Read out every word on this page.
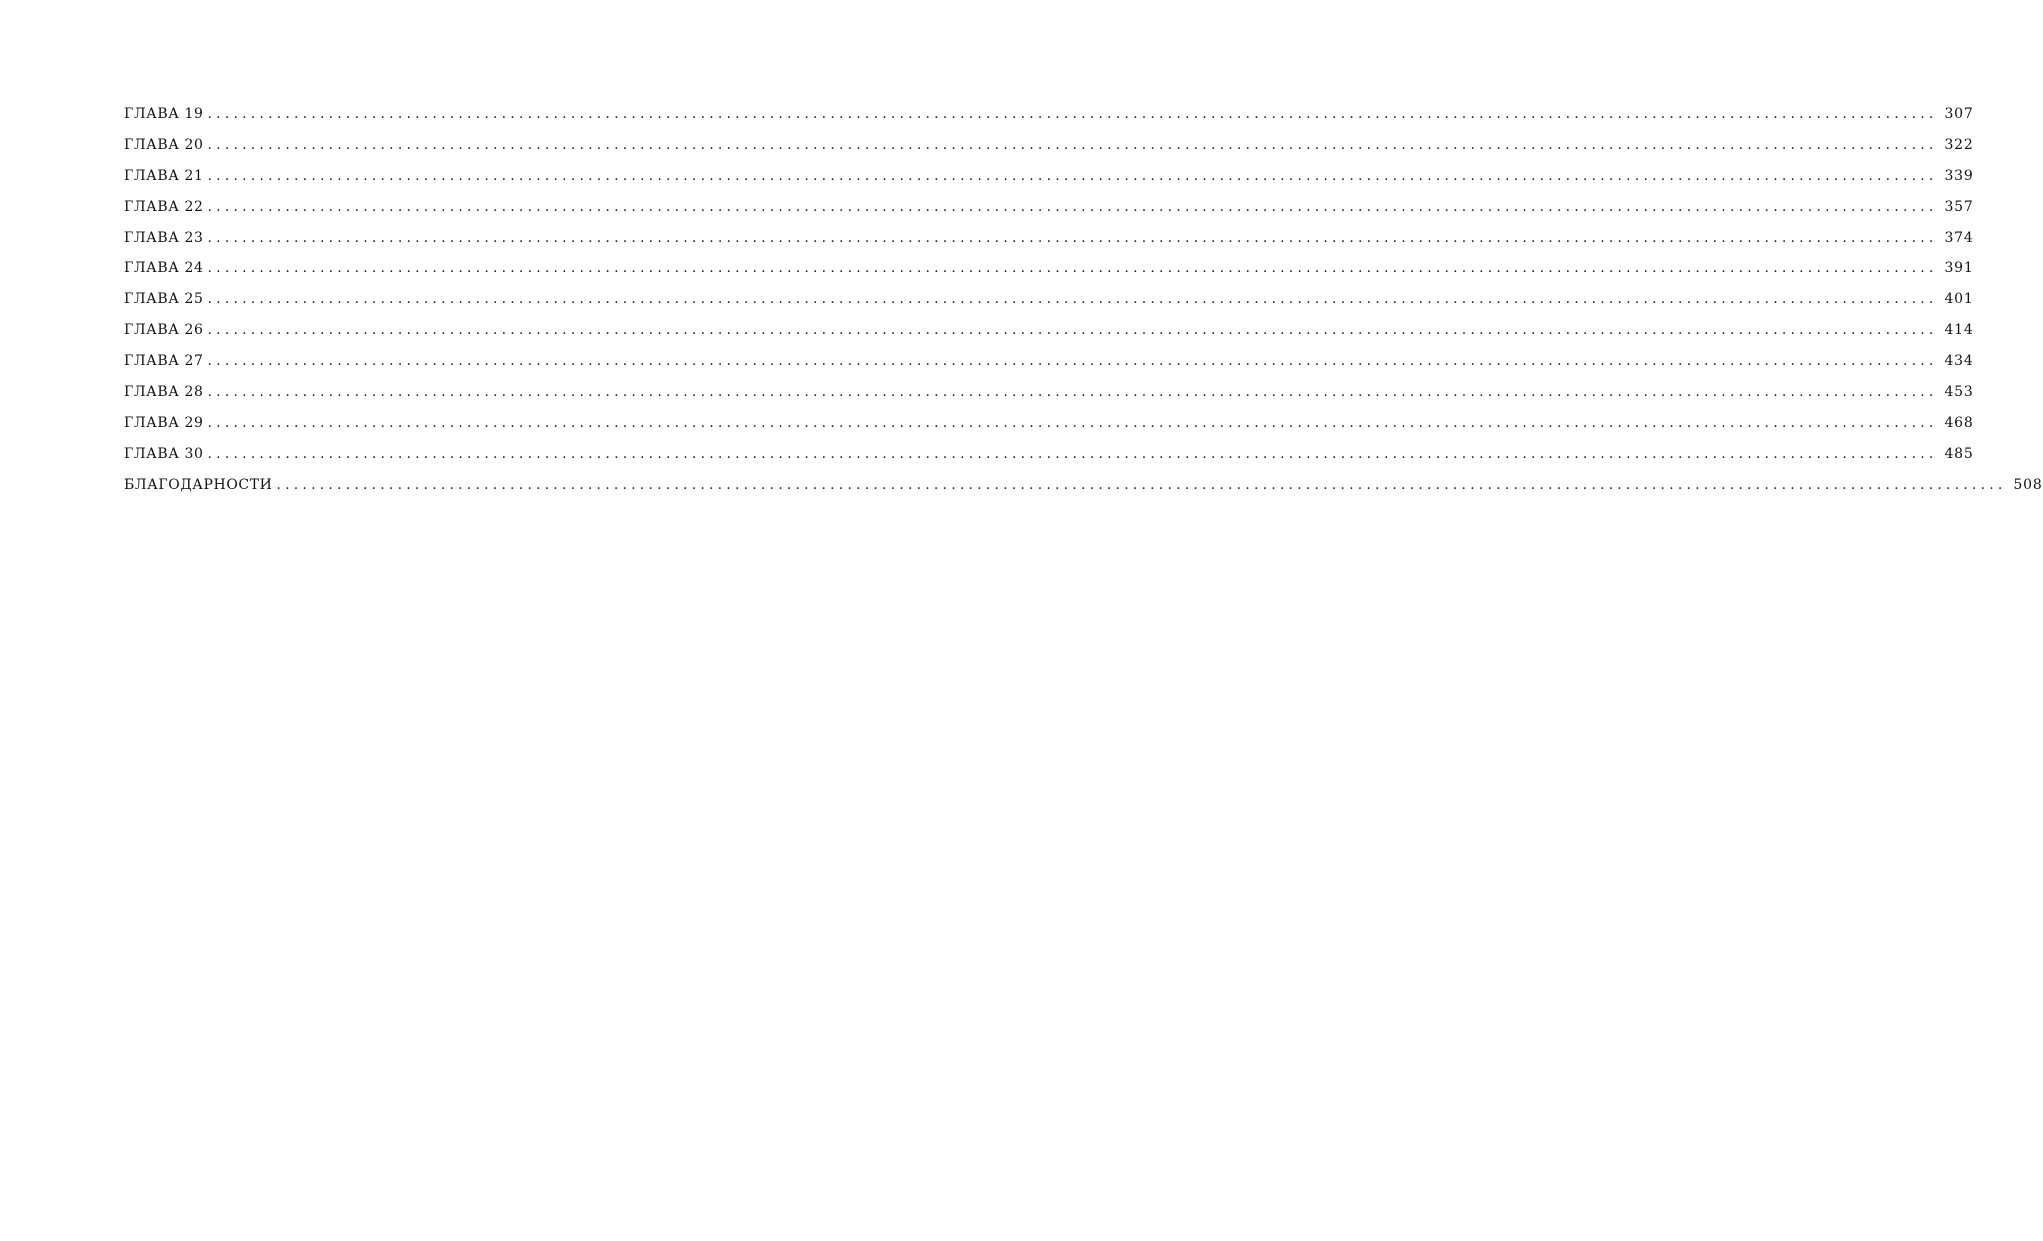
ГЛАВА 19 ........................................................................................................................................................................................................ 307
ГЛАВА 20 ........................................................................................................................................................................................................ 322
ГЛАВА 21 ........................................................................................................................................................................................................ 339
ГЛАВА 22 ........................................................................................................................................................................................................ 357
ГЛАВА 23 ........................................................................................................................................................................................................ 374
ГЛАВА 24 ........................................................................................................................................................................................................ 391
ГЛАВА 25 ........................................................................................................................................................................................................ 401
ГЛАВА 26 ........................................................................................................................................................................................................ 414
ГЛАВА 27 ........................................................................................................................................................................................................ 434
ГЛАВА 28 ........................................................................................................................................................................................................ 453
ГЛАВА 29 ........................................................................................................................................................................................................ 468
ГЛАВА 30 ........................................................................................................................................................................................................ 485
БЛАГОДАРНОСТИ ........................................................................................................................................................................................................ 508
